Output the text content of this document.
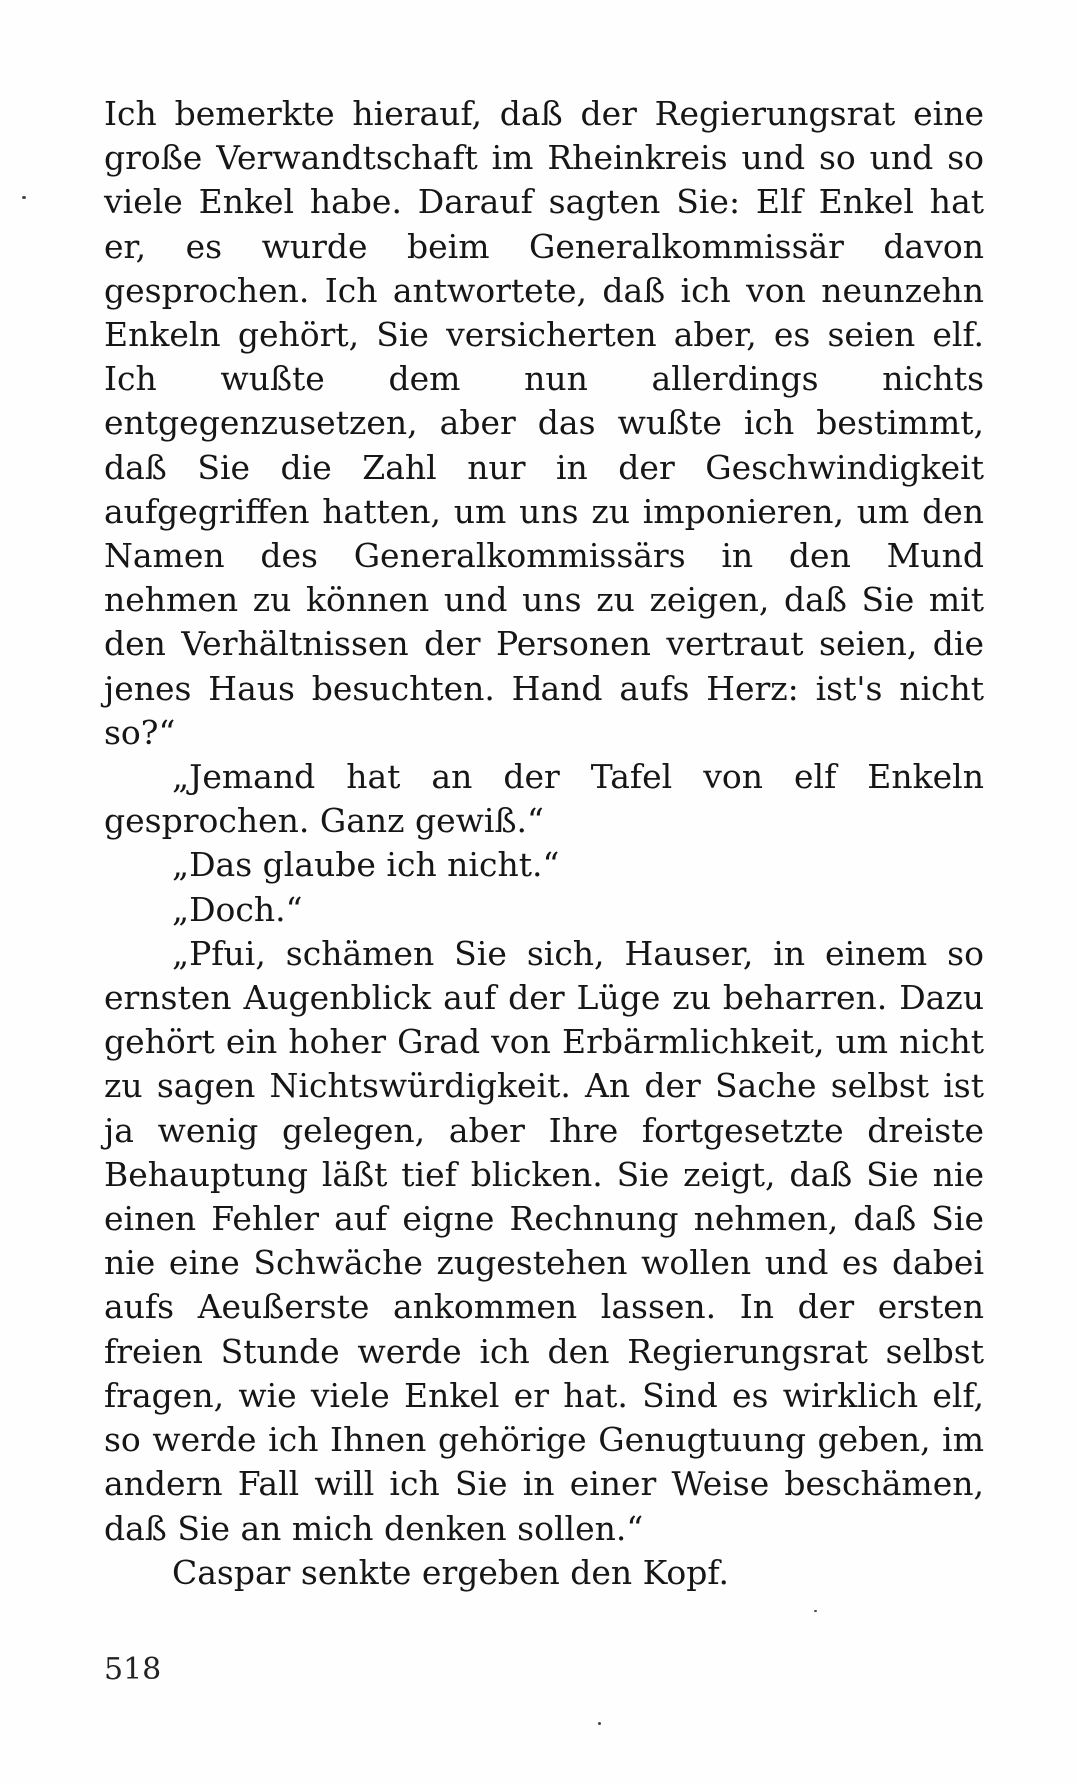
Ich bemerkte hierauf, daß der Regierungsrat eine große Verwandtschaft im Rheinkreis und so und so viele Enkel habe. Darauf sagten Sie: Elf Enkel hat er, es wurde beim Generalkommissär davon gesprochen. Ich antwortete, daß ich von neunzehn Enkeln gehört, Sie versicherten aber, es seien elf. Ich wußte dem nun allerdings nichts entgegenzusetzen, aber das wußte ich bestimmt, daß Sie die Zahl nur in der Geschwindigkeit aufgegriffen hatten, um uns zu imponieren, um den Namen des Generalkommissärs in den Mund nehmen zu können und uns zu zeigen, daß Sie mit den Verhältnissen der Personen vertraut seien, die jenes Haus besuchten. Hand aufs Herz: ist's nicht so?“

„Jemand hat an der Tafel von elf Enkeln gesprochen. Ganz gewiß.“

„Das glaube ich nicht.“

„Doch.“

„Pfui, schämen Sie sich, Hauser, in einem so ernsten Augenblick auf der Lüge zu beharren. Dazu gehört ein hoher Grad von Erbärmlichkeit, um nicht zu sagen Nichtswürdigkeit. An der Sache selbst ist ja wenig gelegen, aber Ihre fortgesetzte dreiste Behauptung läßt tief blicken. Sie zeigt, daß Sie nie einen Fehler auf eigne Rechnung nehmen, daß Sie nie eine Schwäche zugestehen wollen und es dabei aufs Aeußerste ankommen lassen. In der ersten freien Stunde werde ich den Regierungsrat selbst fragen, wie viele Enkel er hat. Sind es wirklich elf, so werde ich Ihnen gehörige Genugtuung geben, im andern Fall will ich Sie in einer Weise beschämen, daß Sie an mich denken sollen.“

Caspar senkte ergeben den Kopf.

518
